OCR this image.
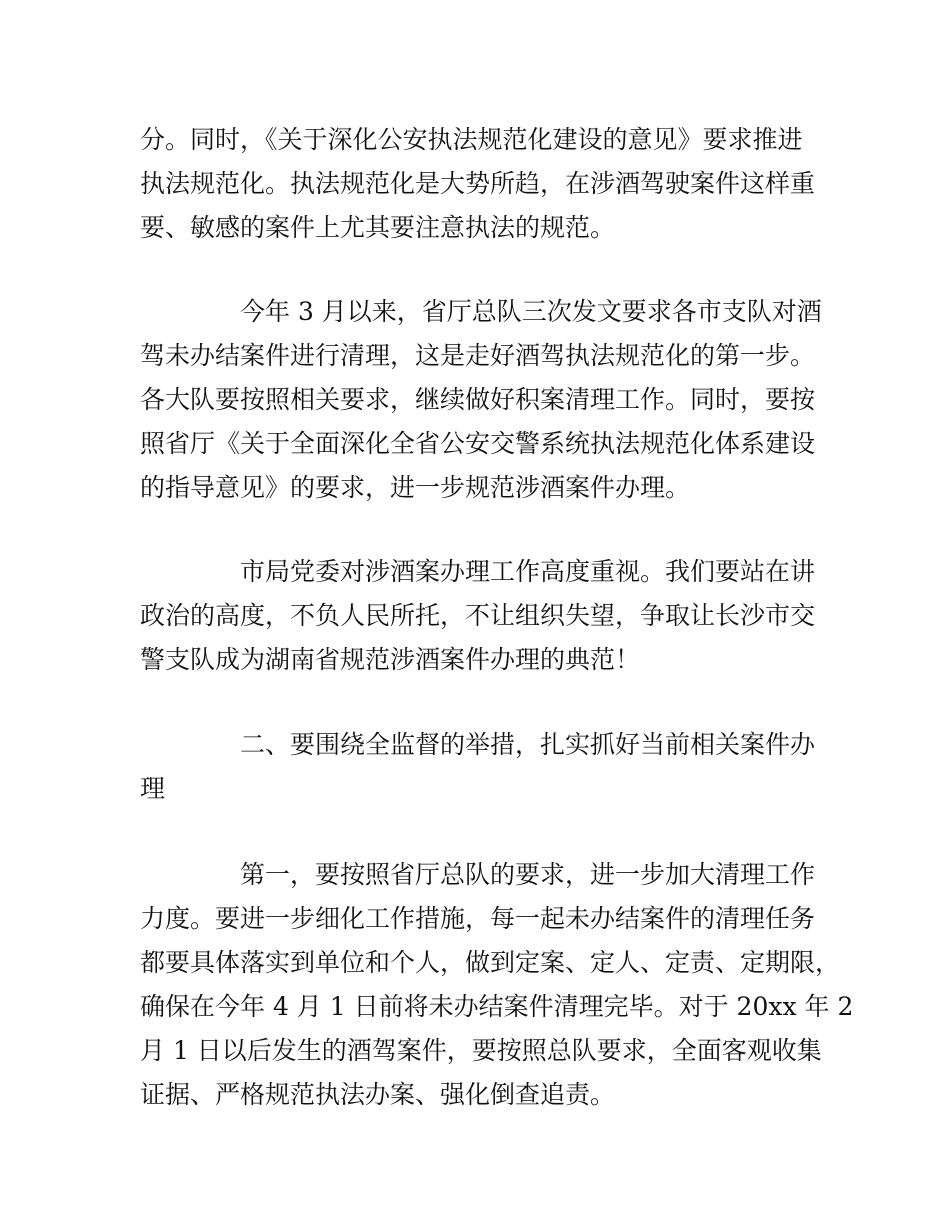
分。同时，《关于深化公安执法规范化建设的意见》要求推进
执法规范化。执法规范化是大势所趋，在涉酒驾驶案件这样重
要、敏感的案件上尤其要注意执法的规范。
今年 3 月以来，省厅总队三次发文要求各市支队对酒
驾未办结案件进行清理，这是走好酒驾执法规范化的第一步。
各大队要按照相关要求，继续做好积案清理工作。同时，要按
照省厅《关于全面深化全省公安交警系统执法规范化体系建设
的指导意见》的要求，进一步规范涉酒案件办理。
市局党委对涉酒案办理工作高度重视。我们要站在讲
政治的高度，不负人民所托，不让组织失望，争取让长沙市交
警支队成为湖南省规范涉酒案件办理的典范！
二、要围绕全监督的举措，扎实抓好当前相关案件办
理
第一，要按照省厅总队的要求，进一步加大清理工作
力度。要进一步细化工作措施，每一起未办结案件的清理任务
都要具体落实到单位和个人，做到定案、定人、定责、定期限，
确保在今年 4 月 1 日前将未办结案件清理完毕。对于 20xx 年 2
月 1 日以后发生的酒驾案件，要按照总队要求，全面客观收集
证据、严格规范执法办案、强化倒查追责。
